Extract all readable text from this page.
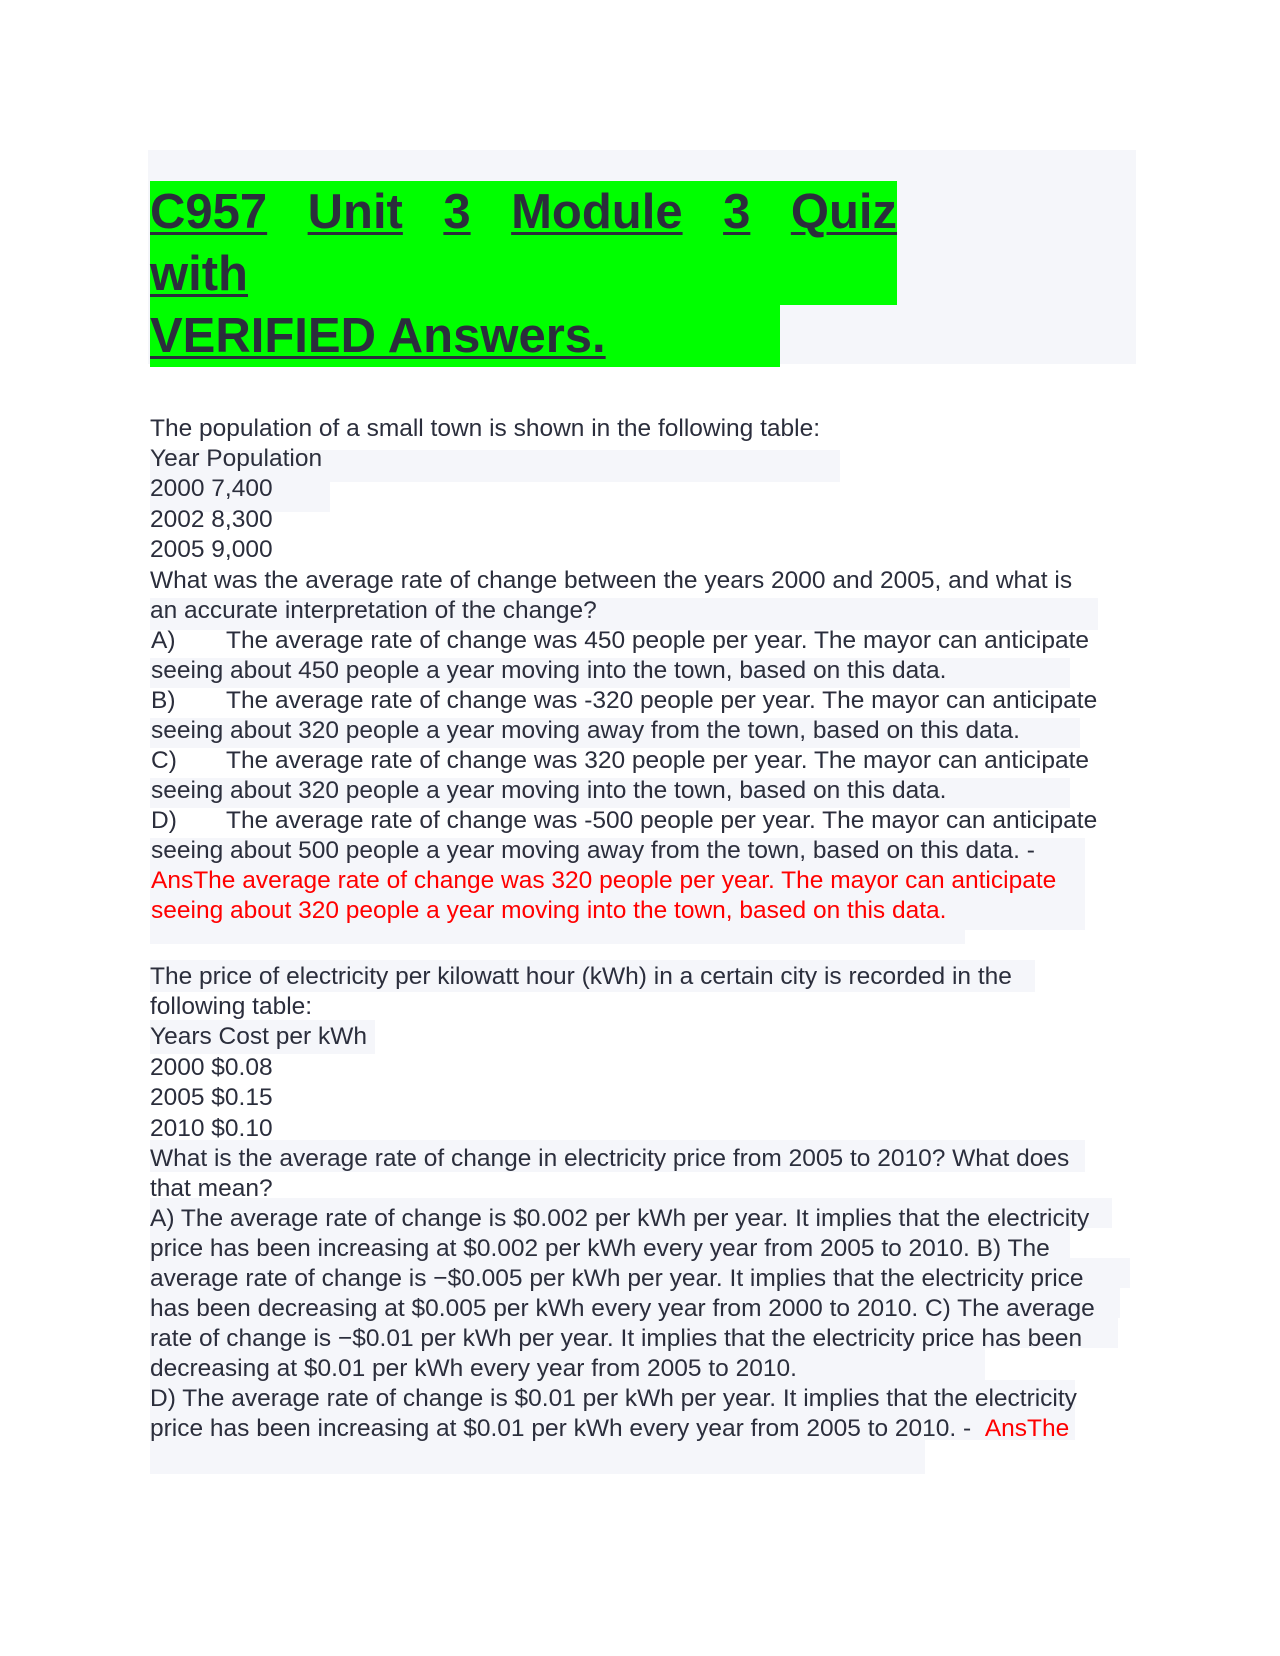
C957 Unit 3 Module 3 Quiz
with
VERIFIED Answers.
The population of a small town is shown in the following table:
Year Population
2000 7,400
2002 8,300
2005 9,000
What was the average rate of change between the years 2000 and 2005, and what is
an accurate interpretation of the change?
A) The average rate of change was 450 people per year. The mayor can anticipate
seeing about 450 people a year moving into the town, based on this data.
B) The average rate of change was -320 people per year. The mayor can anticipate
seeing about 320 people a year moving away from the town, based on this data.
C) The average rate of change was 320 people per year. The mayor can anticipate
seeing about 320 people a year moving into the town, based on this data.
D) The average rate of change was -500 people per year. The mayor can anticipate
seeing about 500 people a year moving away from the town, based on this data. -
AnsThe average rate of change was 320 people per year. The mayor can anticipate
seeing about 320 people a year moving into the town, based on this data.
The price of electricity per kilowatt hour (kWh) in a certain city is recorded in the
following table:
Years Cost per kWh
2000 $0.08
2005 $0.15
2010 $0.10
What is the average rate of change in electricity price from 2005 to 2010? What does
that mean?
A) The average rate of change is $0.002 per kWh per year. It implies that the electricity
price has been increasing at $0.002 per kWh every year from 2005 to 2010. B) The
average rate of change is −$0.005 per kWh per year. It implies that the electricity price
has been decreasing at $0.005 per kWh every year from 2000 to 2010. C) The average
rate of change is −$0.01 per kWh per year. It implies that the electricity price has been
decreasing at $0.01 per kWh every year from 2005 to 2010.
D) The average rate of change is $0.01 per kWh per year. It implies that the electricity
price has been increasing at $0.01 per kWh every year from 2005 to 2010. - AnsThe
